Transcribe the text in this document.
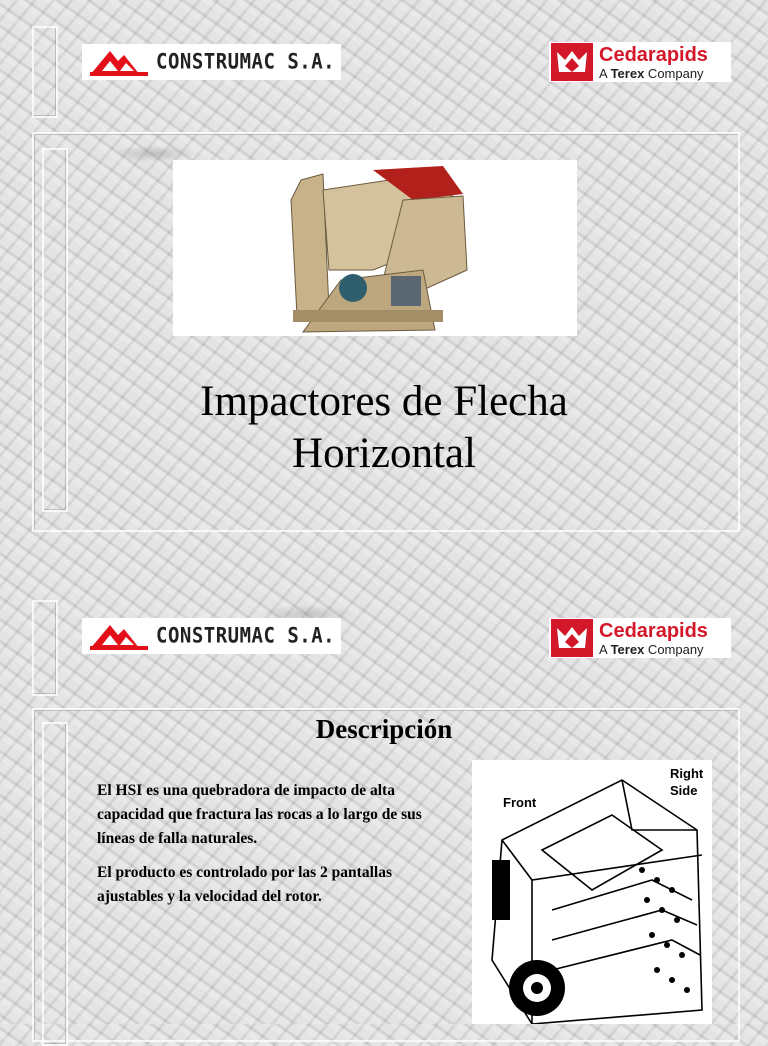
CONSTRUMAC S.A.	Cedarapids
A Terex Company
Impactores de Flecha
Horizontal
CONSTRUMAC S.A.	Cedarapids
A Terex Company
Descripción

El HSI es una quebradora de impacto de alta capacidad que fractura las rocas a lo largo de sus líneas de falla naturales.

El producto es controlado por las 2 pantallas ajustables y la velocidad del rotor.

Front
Right
Side
